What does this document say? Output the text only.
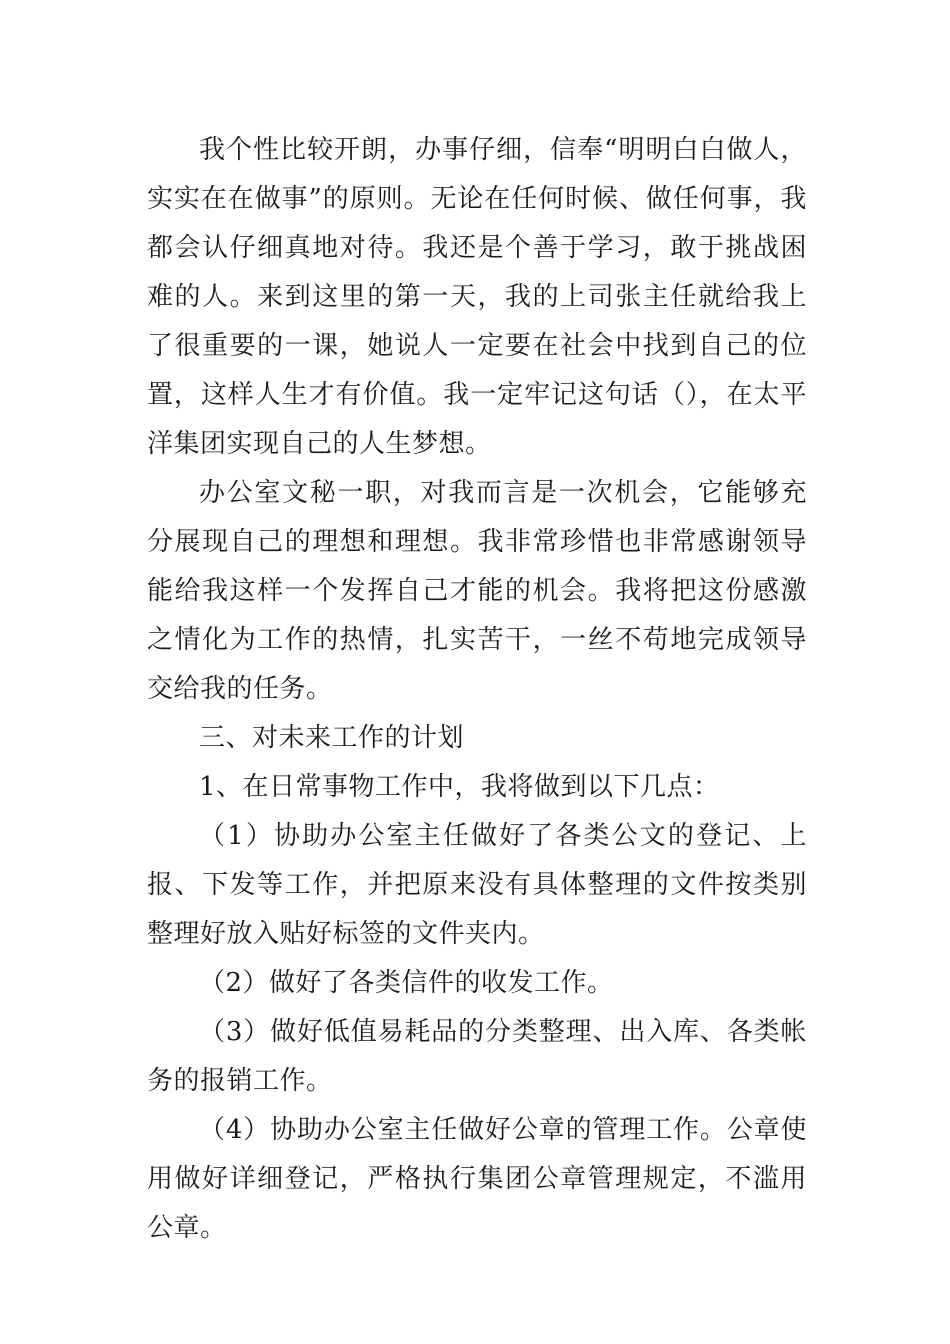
我个性比较开朗，办事仔细，信奉“明明白白做人，实实在在做事”的原则。无论在任何时候、做任何事，我都会认仔细真地对待。我还是个善于学习，敢于挑战困难的人。来到这里的第一天，我的上司张主任就给我上了很重要的一课，她说人一定要在社会中找到自己的位置，这样人生才有价值。我一定牢记这句话（），在太平洋集团实现自己的人生梦想。

办公室文秘一职，对我而言是一次机会，它能够充分展现自己的理想和理想。我非常珍惜也非常感谢领导能给我这样一个发挥自己才能的机会。我将把这份感激之情化为工作的热情，扎实苦干，一丝不苟地完成领导交给我的任务。

三、对未来工作的计划

1、在日常事物工作中，我将做到以下几点：

（1）协助办公室主任做好了各类公文的登记、上报、下发等工作，并把原来没有具体整理的文件按类别整理好放入贴好标签的文件夹内。

（2）做好了各类信件的收发工作。

（3）做好低值易耗品的分类整理、出入库、各类帐务的报销工作。

（4）协助办公室主任做好公章的管理工作。公章使用做好详细登记，严格执行集团公章管理规定，不滥用公章。
